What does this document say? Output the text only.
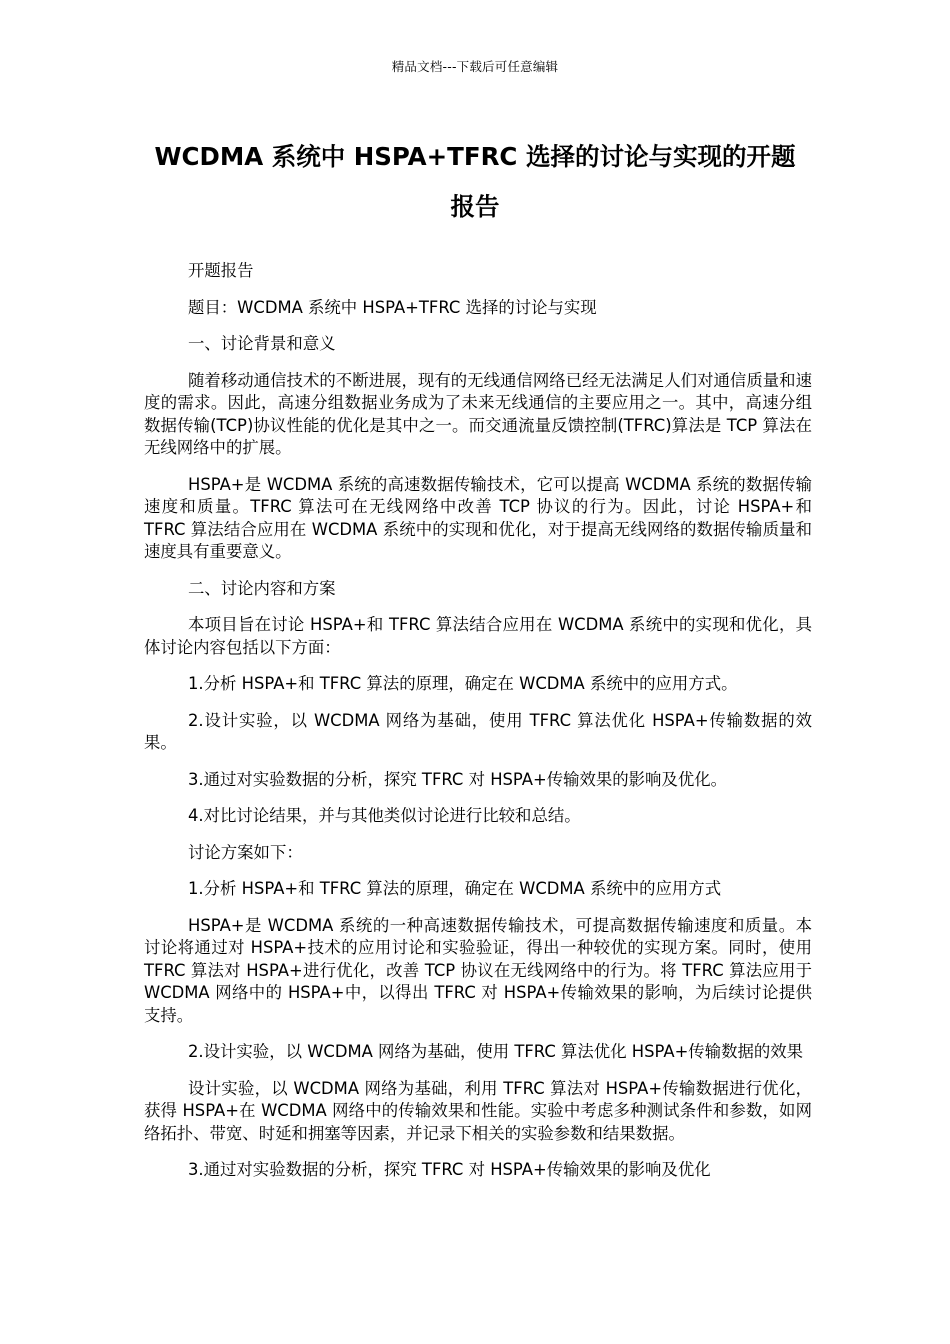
精品文档---下载后可任意编辑
WCDMA 系统中 HSPA+TFRC 选择的讨论与实现的开题报告

开题报告

题目：WCDMA 系统中 HSPA+TFRC 选择的讨论与实现

一、讨论背景和意义

随着移动通信技术的不断进展，现有的无线通信网络已经无法满足人们对通信质量和速度的需求。因此，高速分组数据业务成为了未来无线通信的主要应用之一。其中，高速分组数据传输(TCP)协议性能的优化是其中之一。而交通流量反馈控制(TFRC)算法是 TCP 算法在无线网络中的扩展。

HSPA+是 WCDMA 系统的高速数据传输技术，它可以提高 WCDMA 系统的数据传输速度和质量。TFRC 算法可在无线网络中改善 TCP 协议的行为。因此，讨论 HSPA+和 TFRC 算法结合应用在 WCDMA 系统中的实现和优化，对于提高无线网络的数据传输质量和速度具有重要意义。

二、讨论内容和方案

本项目旨在讨论 HSPA+和 TFRC 算法结合应用在 WCDMA 系统中的实现和优化，具体讨论内容包括以下方面：

1.分析 HSPA+和 TFRC 算法的原理，确定在 WCDMA 系统中的应用方式。

2.设计实验，以 WCDMA 网络为基础，使用 TFRC 算法优化 HSPA+传输数据的效果。

3.通过对实验数据的分析，探究 TFRC 对 HSPA+传输效果的影响及优化。

4.对比讨论结果，并与其他类似讨论进行比较和总结。

讨论方案如下：

1.分析 HSPA+和 TFRC 算法的原理，确定在 WCDMA 系统中的应用方式

HSPA+是 WCDMA 系统的一种高速数据传输技术，可提高数据传输速度和质量。本讨论将通过对 HSPA+技术的应用讨论和实验验证，得出一种较优的实现方案。同时，使用 TFRC 算法对 HSPA+进行优化，改善 TCP 协议在无线网络中的行为。将 TFRC 算法应用于 WCDMA 网络中的 HSPA+中，以得出 TFRC 对 HSPA+传输效果的影响，为后续讨论提供支持。

2.设计实验，以 WCDMA 网络为基础，使用 TFRC 算法优化 HSPA+传输数据的效果

设计实验，以 WCDMA 网络为基础，利用 TFRC 算法对 HSPA+传输数据进行优化，获得 HSPA+在 WCDMA 网络中的传输效果和性能。实验中考虑多种测试条件和参数，如网络拓扑、带宽、时延和拥塞等因素，并记录下相关的实验参数和结果数据。

3.通过对实验数据的分析，探究 TFRC 对 HSPA+传输效果的影响及优化
